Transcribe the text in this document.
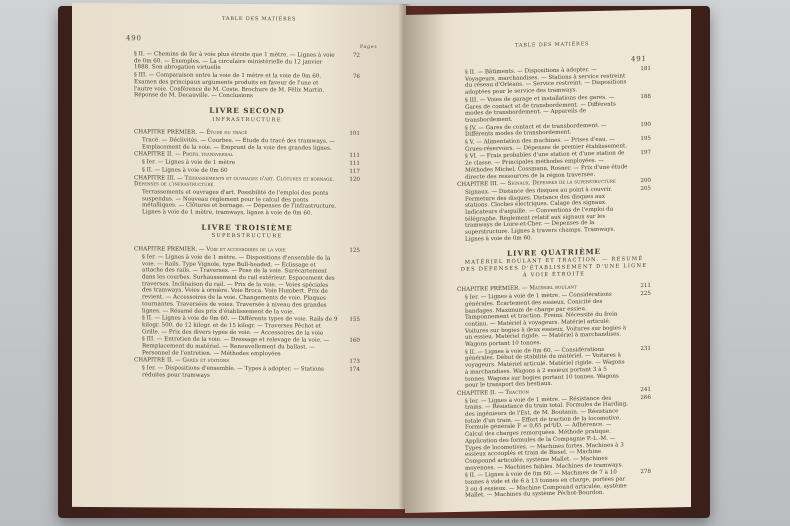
490
TABLE DES MATIÈRES
Pages
§ II. — Chemins de fer à voie plus étroite que 1 mètre. — Lignes à voie de 0m 60. — Exemples. — La circulaire ministérielle du 12 janvier 1888. Son abrogation virtuelle
72
§ III. — Comparaison entre la voie de 1 mètre et la voie de 0m 60. Examen des principaux arguments produits en faveur de l'une et l'autre voie. Conférence de M. Coste. Brochure de M. Félix Martin. Réponse de M. Decauville. — Conclusions
76
LIVRE SECOND
INFRASTRUCTURE
CHAPITRE PREMIER. — Étude du tracé	101
Tracé. — Déclivités. — Courbes. — Étude du tracé des tramways. — Emplacement de la voie. — Emprunt de la voie des grandes lignes.
CHAPITRE II. — Profil transversal	111
§ Ier. — Lignes à voie de 1 mètre	111
§ II. — Lignes à voie de 0m 60	117
CHAPITRE III. — Terrassements et ouvrages d'art. Clôtures et bornage. Dépenses de l'infrastructure
120
Terrassements et ouvrages d'art. Possibilité de l'emploi des ponts suspendus. — Nouveau règlement pour le calcul des ponts métalliques. — Clôtures et bornage. — Dépenses de l'infrastructure. Lignes à voie de 1 mètre, tramways, lignes à voie de 0m 60.
LIVRE TROISIÈME
SUPERSTRUCTURE
CHAPITRE PREMIER. — Voie et accessoires de la voie	125
§ Ier. — Lignes à voie de 1 mètre. — Dispositions d'ensemble de la voie. — Rails. Type Vignole, type Bull-headed. — Éclissage et attache des rails. — Traverses. — Pose de la voie. Surécartement dans les courbes. Surhaussement du rail extérieur. Espacement des traverses. Inclinaison du rail. — Prix de la voie. — Voies spéciales des tramways. Voies à ornière. Voie Broca. Voie Humbert. Prix de revient. — Accessoires de la voie. Changements de voie. Plaques tournantes. Traversées de voies. Traversée à niveau des grandes lignes. — Résumé des prix d'établissement de la voie.
§ II. — Lignes à voie de 0m 60. — Différents types de voie. Rails de 9 kilogr. 500, de 12 kilogr. et de 15 kilogr. — Traverses Péchot et Grille. — Prix des divers types de voie. — Accessoires de la voie
155
§ III. — Entretien de la voie. — Dressage et relevage de la voie. — Remplacement du matériel. — Renouvellement du ballast. — Personnel de l'entretien. — Méthodes employées
160
CHAPITRE II. — Gares et stations	173
§ Ier. — Dispositions d'ensemble. — Types à adopter. — Stations réduites pour tramways
174
TABLE DES MATIÈRES
491
§ II. — Bâtiments. — Dispositions à adopter. — Voyageurs, marchandises. — Stations à service restreint du réseau d'Orléans. — Service restreint. — Dispositions adoptées pour le service des tramways.
181
§ III. — Voies de garage et installations des gares. — Gares de contact et de transbordement. — Différents modes de transbordement. — Appareils de transbordement.
188
§ IV. — Gares de contact et de transbordement. — Différents modes de transbordement.
190
§ V. — Alimentation des machines. — Prises d'eau. — Grues-réservoirs. — Dépenses de premier établissement.
195
§ VI. — Frais probables d'une station et d'une station de 2e classe. — Principales méthodes employées. — Méthodes Michel, Cossmann, Rosner. — Prix d'une étude directe des ressources de la région traversée.
197
CHAPITRE III. — Signaux. Dépenses de la superstructure	200
Signaux. — Distance des disques au point à couvrir. Fermeture des disques. Distance des disques aux stations. Cloches électriques. Calage des signaux. Indicateurs d'aiguille. — Conventions de l'emploi du télégraphe. Règlement relatif aux signaux sur les tramways de Loire-et-Cher. — Dépenses de la superstructure. Lignes à travers champs. Tramways. Lignes à voie de 0m 60.
205
LIVRE QUATRIÈME
MATÉRIEL ROULANT ET TRACTION. — RÉSUMÉ DES DÉPENSES D'ÉTABLISSEMENT D'UNE LIGNE À VOIE ÉTROITE
CHAPITRE PREMIER. — Matériel roulant	211
§ Ier. — Lignes à voie de 1 mètre. — Considérations générales. Écartement des essieux. Conicité des bandages. Maximum de charge par essieu. Tamponnement et traction. Freins. Nécessité du frein continu. — Matériel à voyageurs. Matériel articulé. Voitures sur bogies à deux essieux. Voitures sur bogies à un essieu. Matériel rigide. — Matériel à marchandises. Wagons portant 10 tonnes.
225
§ II. — Lignes à voie de 0m 60. — Considérations générales. Début de stabilité du matériel. — Voitures à voyageurs. Matériel articulé. Matériel rigide. — Wagons à marchandises. Wagons à 2 essieux portant 3 à 5 tonnes. Wagons sur bogies portant 10 tonnes. Wagons pour le transport des bestiaux.
231
CHAPITRE II. — Traction	241
§ Ier. — Lignes à voie de 1 mètre. — Résistance des trains. — Résistance du train total. Formules de Harding, des ingénieurs de l'Est, de M. Boutanin. — Résistance totale d'un train. — Effort de traction de la locomotive. Formule générale F = 0,65 pd²l/D. — Adhérence. — Calcul des charges remorquées. Méthode pratique. Application des formules de la Compagnie P.-L.-M. — Types de locomotives. — Machines fortes. Machines à 3 essieux accouplés et train de Bissel. — Machine Compound articulée, système Mallet. — Machines moyennes. — Machines faibles. Machines de tramways.
266
§ II. — Lignes à voie de 0m 60. — Machines de 7 à 10 tonnes à vide et de 6 à 13 tonnes en charge, portées par 3 ou 4 essieux. — Machine Compound articulée, système Mallet. — Machines du système Péchot-Bourdon.
278
